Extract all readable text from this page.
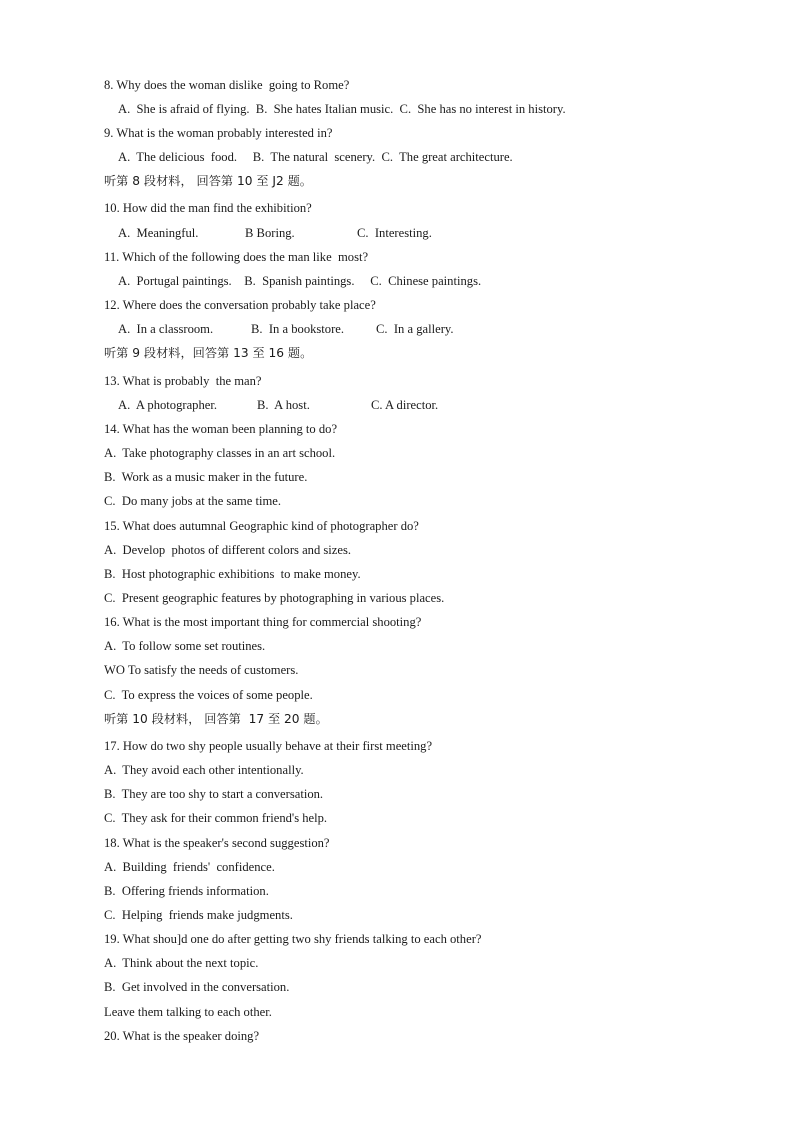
8. Why does the woman dislike  going to Rome?
A.  She is afraid of flying.  B.  She hates Italian music.  C.  She has no interest in history.
9. What is the woman probably interested in?
A.  The delicious  food.     B.  The natural  scenery.  C.  The great architecture.
听第 8 段材料， 回答第 10 至 J2 题。
10. How did the man find the exhibition?
A.  Meaningful.	B Boring.	C.  Interesting.
11. Which of the following does the man like  most?
A.  Portugal paintings.    B.  Spanish paintings.     C.  Chinese paintings.
12. Where does the conversation probably take place?
A.  In a classroom.	B.  In a bookstore.	C.  In a gallery.
听第 9 段材料，回答第 13 至 16 题。
13. What is probably  the man?
A.  A photographer.	B.  A host.	C. A director.
14. What has the woman been planning to do?
A.  Take photography classes in an art school.
B.  Work as a music maker in the future.
C.  Do many jobs at the same time.
15. What does autumnal Geographic kind of photographer do?
A.  Develop  photos of different colors and sizes.
B.  Host photographic exhibitions  to make money.
C.  Present geographic features by photographing in various places.
16. What is the most important thing for commercial shooting?
A.  To follow some set routines.
WO To satisfy the needs of customers.
C.  To express the voices of some people.
听第 10 段材料， 回答第  17 至 20 题。
17. How do two shy people usually behave at their first meeting?
A.  They avoid each other intentionally.
B.  They are too shy to start a conversation.
C.  They ask for their common friend's help.
18. What is the speaker's second suggestion?
A.  Building  friends'  confidence.
B.  Offering friends information.
C.  Helping  friends make judgments.
19. What shou]d one do after getting two shy friends talking to each other?
A.  Think about the next topic.
B.  Get involved in the conversation.
Leave them talking to each other.
20. What is the speaker doing?
